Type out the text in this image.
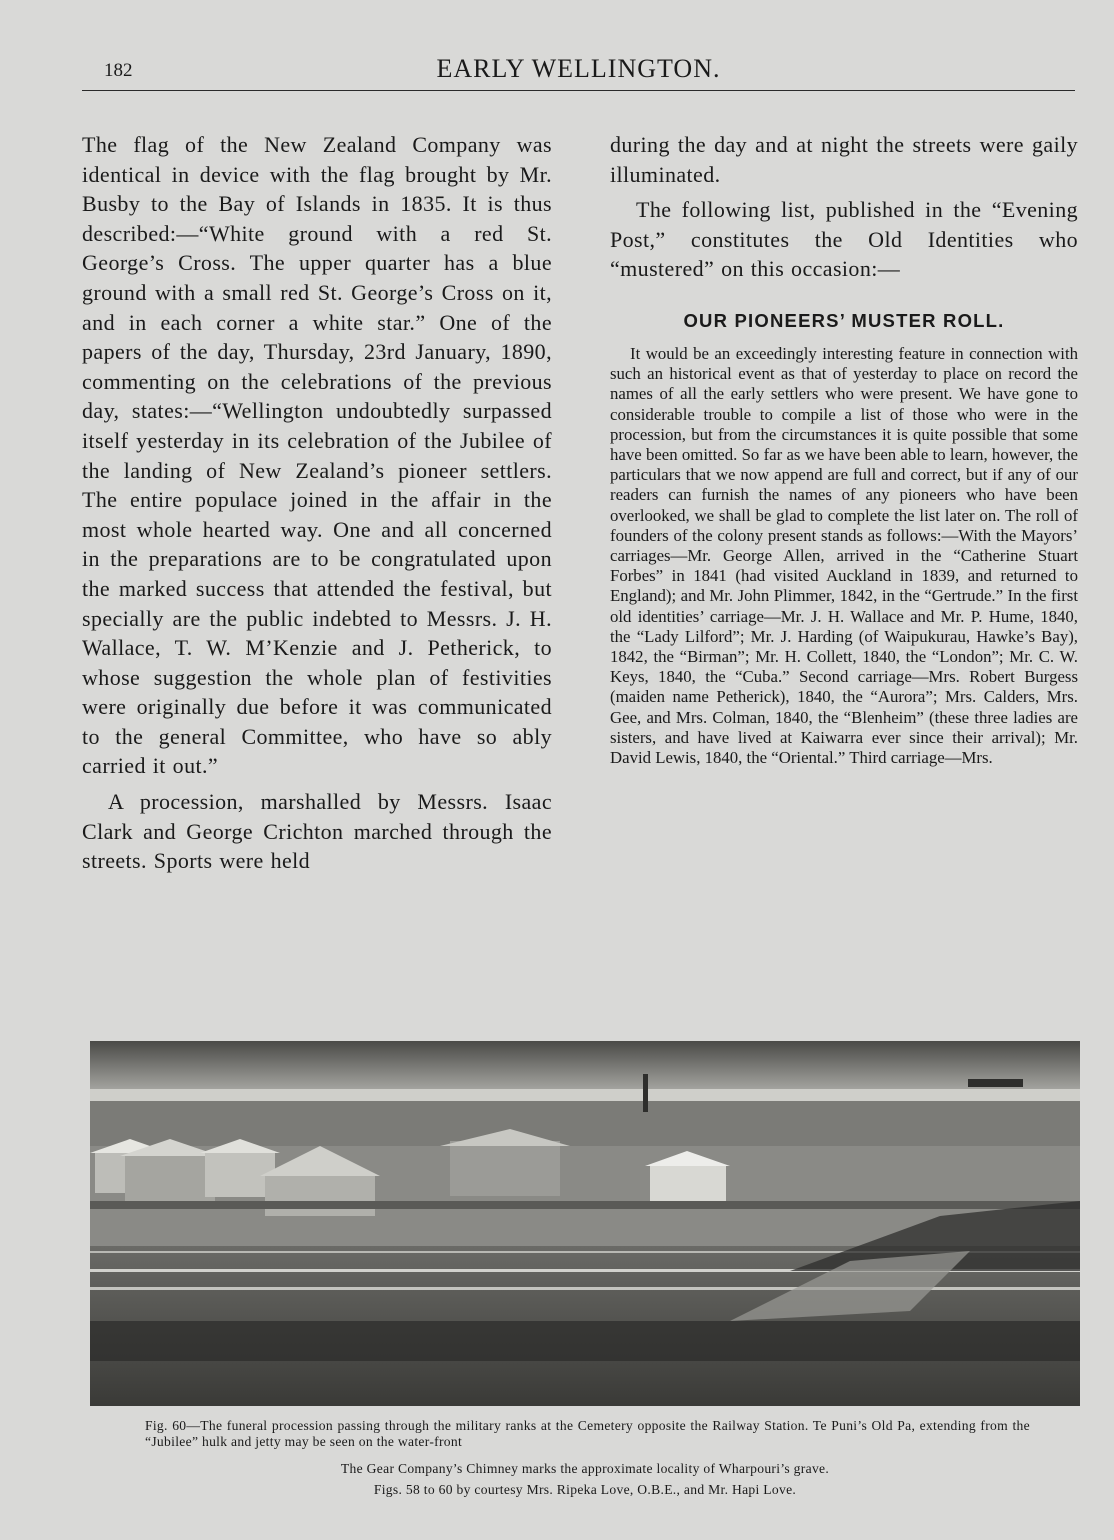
182	EARLY WELLINGTON.

The flag of the New Zealand Company was identical in device with the flag brought by Mr. Busby to the Bay of Islands in 1835. It is thus described:—“White ground with a red St. George’s Cross. The upper quarter has a blue ground with a small red St. George’s Cross on it, and in each corner a white star.” One of the papers of the day, Thursday, 23rd January, 1890, commenting on the celebrations of the previous day, states:—“Wellington undoubtedly surpassed itself yesterday in its celebration of the Jubilee of the landing of New Zealand’s pioneer settlers. The entire populace joined in the affair in the most whole hearted way. One and all concerned in the preparations are to be congratulated upon the marked success that attended the festival, but specially are the public indebted to Messrs. J. H. Wallace, T. W. M’Kenzie and J. Petherick, to whose suggestion the whole plan of festivities were originally due before it was communicated to the general Committee, who have so ably carried it out.”

A procession, marshalled by Messrs. Isaac Clark and George Crichton marched through the streets. Sports were held

during the day and at night the streets were gaily illuminated.

The following list, published in the “Evening Post,” constitutes the Old Identities who “mustered” on this occasion:—

OUR PIONEERS’ MUSTER ROLL.

It would be an exceedingly interesting feature in connection with such an historical event as that of yesterday to place on record the names of all the early settlers who were present. We have gone to considerable trouble to compile a list of those who were in the procession, but from the circumstances it is quite possible that some have been omitted. So far as we have been able to learn, however, the particulars that we now append are full and correct, but if any of our readers can furnish the names of any pioneers who have been overlooked, we shall be glad to complete the list later on. The roll of founders of the colony present stands as follows:—With the Mayors’ carriages—Mr. George Allen, arrived in the “Catherine Stuart Forbes” in 1841 (had visited Auckland in 1839, and returned to England); and Mr. John Plimmer, 1842, in the “Gertrude.” In the first old identities’ carriage—Mr. J. H. Wallace and Mr. P. Hume, 1840, the “Lady Lilford”; Mr. J. Harding (of Waipukurau, Hawke’s Bay), 1842, the “Birman”; Mr. H. Collett, 1840, the “London”; Mr. C. W. Keys, 1840, the “Cuba.” Second carriage—Mrs. Robert Burgess (maiden name Petherick), 1840, the “Aurora”; Mrs. Calders, Mrs. Gee, and Mrs. Colman, 1840, the “Blenheim” (these three ladies are sisters, and have lived at Kaiwarra ever since their arrival); Mr. David Lewis, 1840, the “Oriental.” Third carriage—Mrs.

Fig. 60—The funeral procession passing through the military ranks at the Cemetery opposite the Railway Station. Te Puni’s Old Pa, extending from the “Jubilee” hulk and jetty may be seen on the water-front

The Gear Company’s Chimney marks the approximate locality of Wharpouri’s grave.

Figs. 58 to 60 by courtesy Mrs. Ripeka Love, O.B.E., and Mr. Hapi Love.
